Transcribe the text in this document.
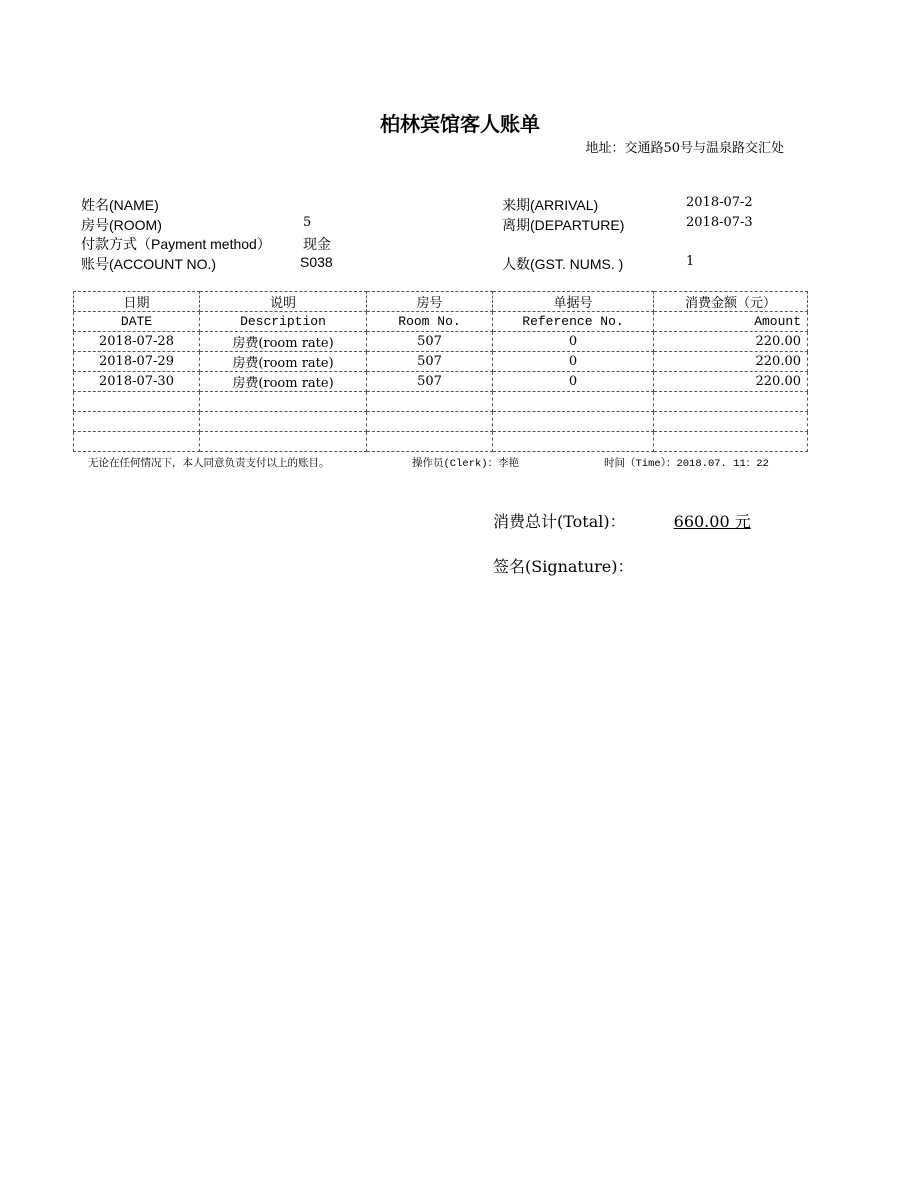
柏林宾馆客人账单
地址：交通路50号与温泉路交汇处
姓名(NAME)
房号(ROOM)	5
付款方式（Payment method） 现金
账号(ACCOUNT NO.)	S038
来期(ARRIVAL)	2018-07-2
离期(DEPARTURE)	2018-07-3
人数(GST. NUMS. )	1
日期	说明	房号	单据号	消费金额（元）
DATE	Description	Room No.	Reference No.	Amount
2018-07-28	房费(room rate)	507	0	220.00
2018-07-29	房费(room rate)	507	0	220.00
2018-07-30	房费(room rate)	507	0	220.00

无论在任何情况下，本人同意负责支付以上的账目。	操作员(Clerk)：李艳	时间（Time）：2018.07. 11：22
消费总计(Total)：	660.00 元
签名(Signature)：
